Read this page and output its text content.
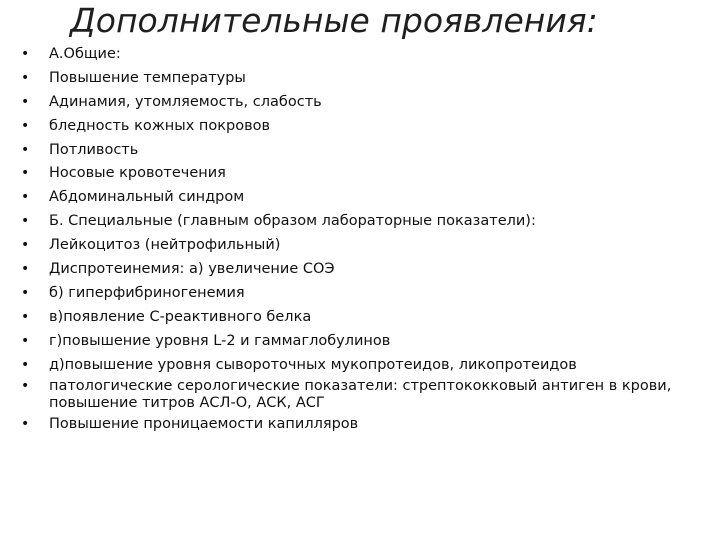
Дополнительные проявления:
• А.Общие:
• Повышение температуры
• Адинамия, утомляемость, слабость
• бледность кожных покровов
• Потливость
• Носовые кровотечения
• Абдоминальный синдром
• Б. Специальные (главным образом лабораторные показатели):
• Лейкоцитоз (нейтрофильный)
• Диспротеинемия: а) увеличение СОЭ
• б) гиперфибриногенемия
• в)появление С-реактивного белка
• г)повышение уровня L-2 и гаммаглобулинов
• д)повышение уровня сывороточных мукопротеидов, ликопротеидов
• патологические серологические показатели: стрептококковый антиген в крови, повышение титров АСЛ-О, АСК, АСГ
• Повышение проницаемости капилляров
